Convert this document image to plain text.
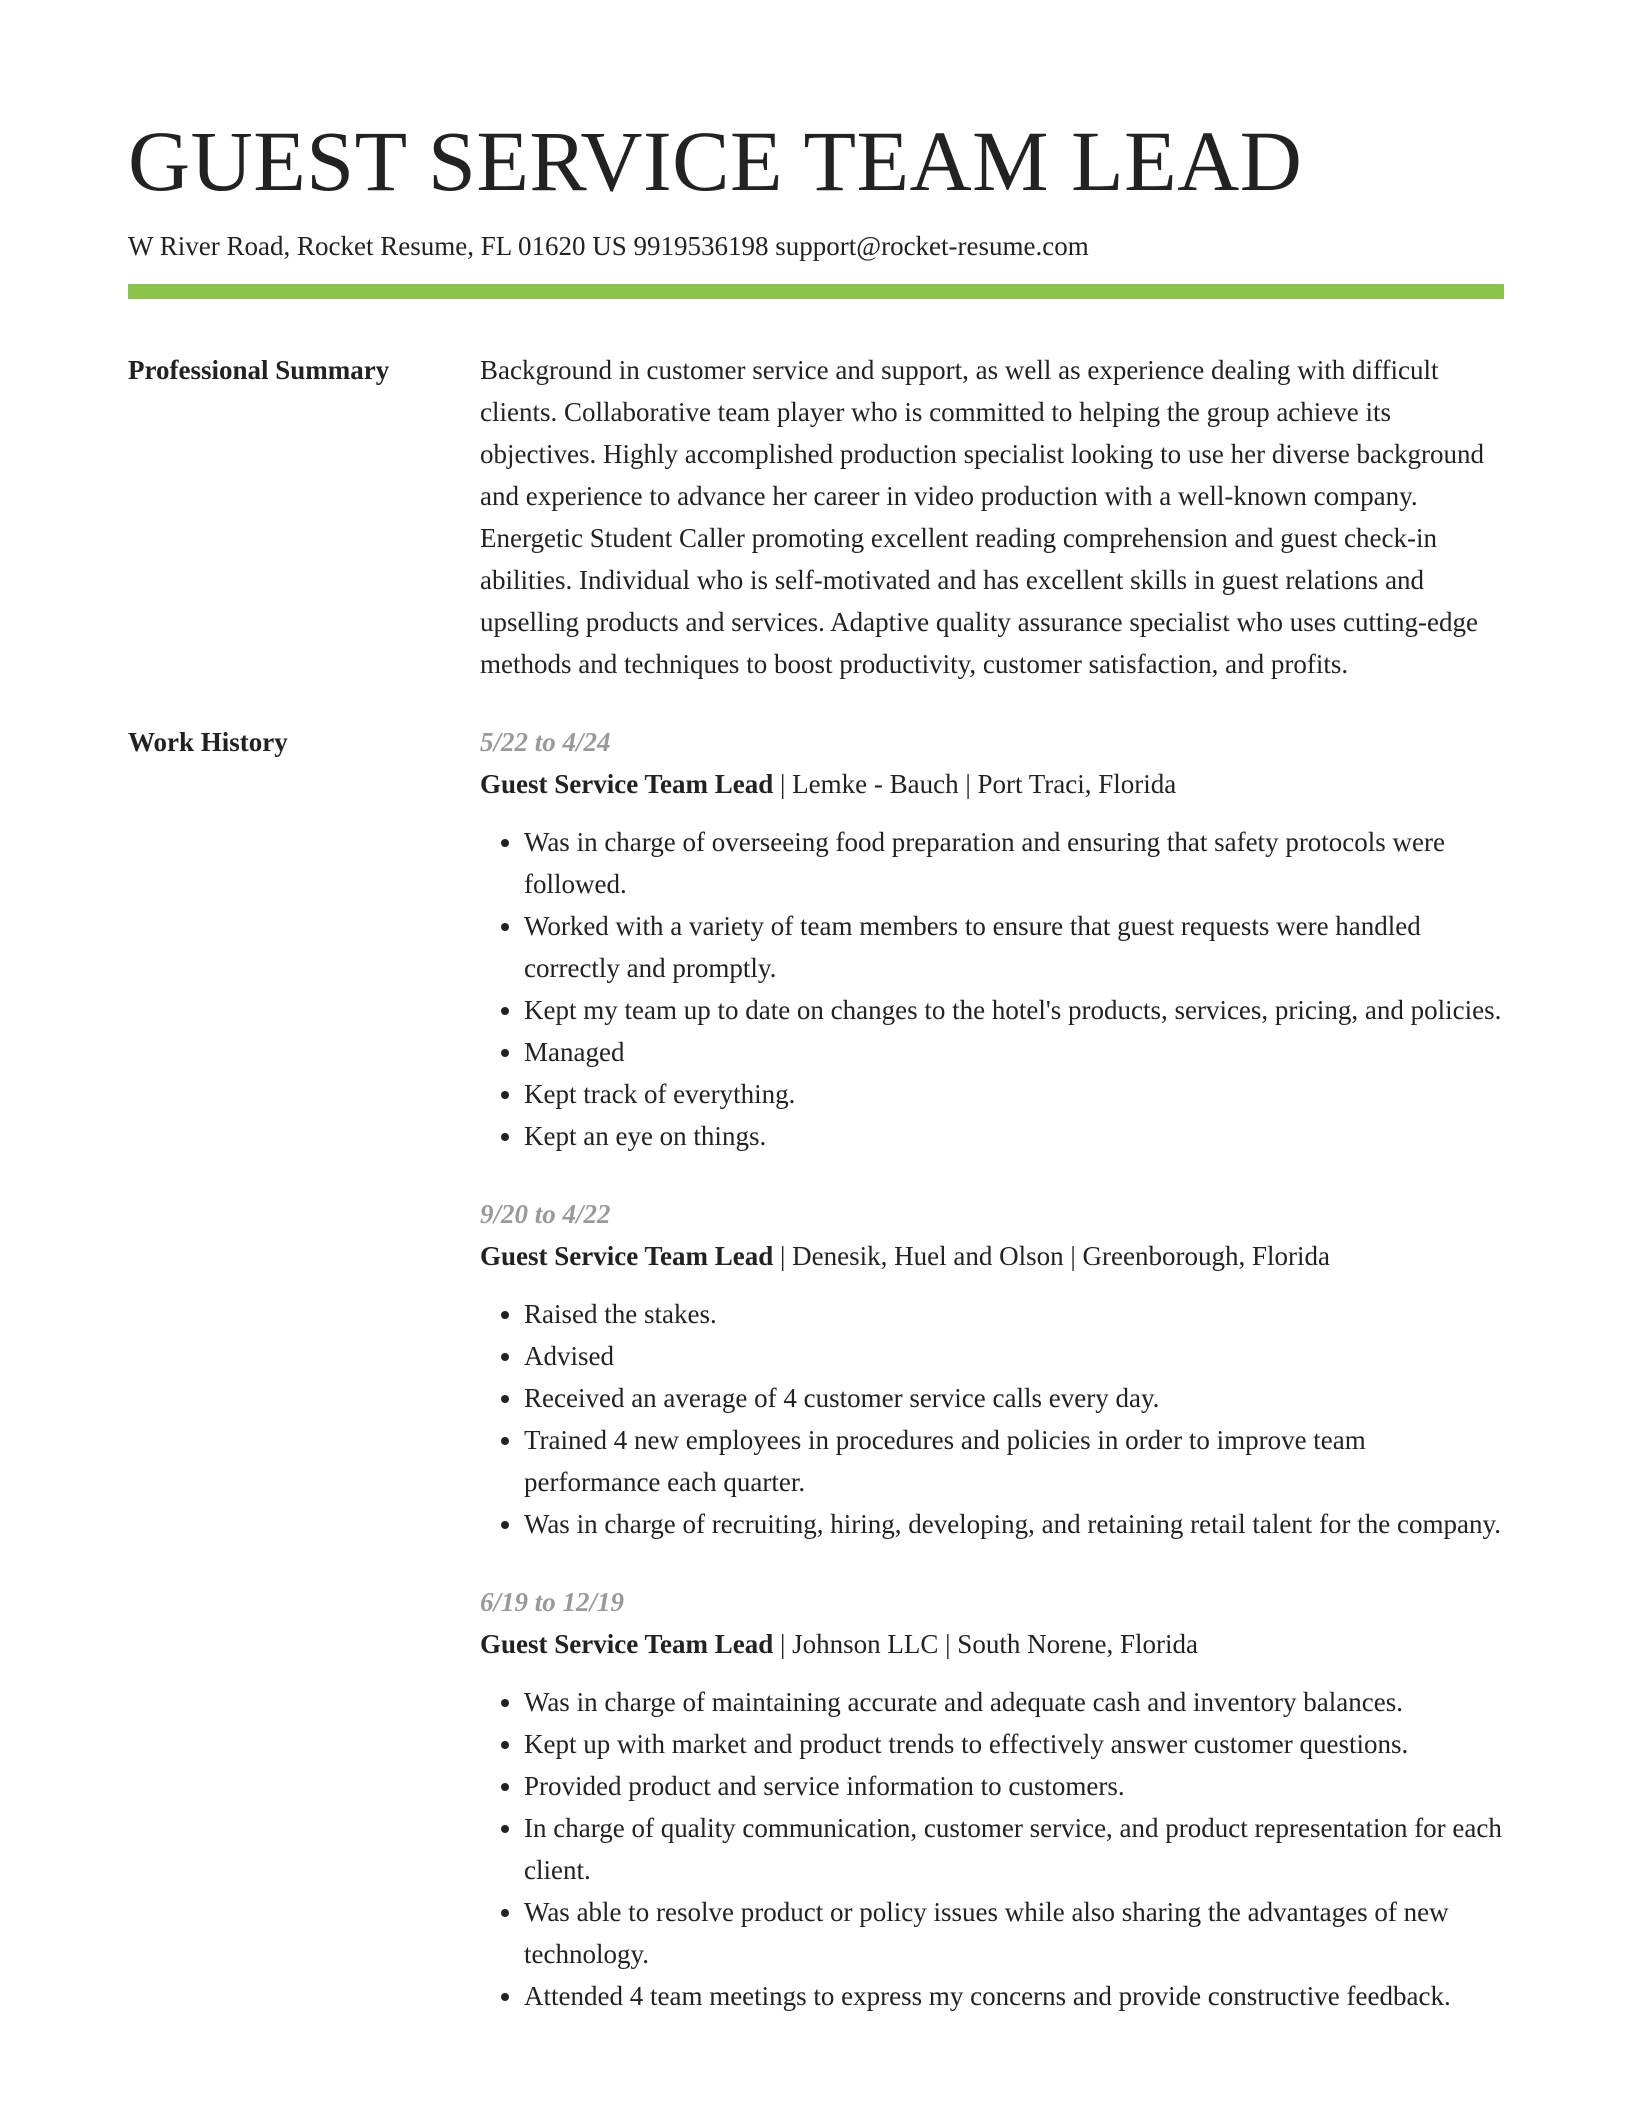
GUEST SERVICE TEAM LEAD
W River Road, Rocket Resume, FL 01620 US 9919536198 support@rocket-resume.com
Professional Summary	Background in customer service and support, as well as experience dealing with difficult clients. Collaborative team player who is committed to helping the group achieve its objectives. Highly accomplished production specialist looking to use her diverse background and experience to advance her career in video production with a well-known company. Energetic Student Caller promoting excellent reading comprehension and guest check-in abilities. Individual who is self-motivated and has excellent skills in guest relations and upselling products and services. Adaptive quality assurance specialist who uses cutting-edge methods and techniques to boost productivity, customer satisfaction, and profits.

Work History	5/22 to 4/24
Guest Service Team Lead | Lemke - Bauch | Port Traci, Florida
• Was in charge of overseeing food preparation and ensuring that safety protocols were followed.
• Worked with a variety of team members to ensure that guest requests were handled correctly and promptly.
• Kept my team up to date on changes to the hotel's products, services, pricing, and policies.
• Managed
• Kept track of everything.
• Kept an eye on things.
9/20 to 4/22
Guest Service Team Lead | Denesik, Huel and Olson | Greenborough, Florida
• Raised the stakes.
• Advised
• Received an average of 4 customer service calls every day.
• Trained 4 new employees in procedures and policies in order to improve team performance each quarter.
• Was in charge of recruiting, hiring, developing, and retaining retail talent for the company.
6/19 to 12/19
Guest Service Team Lead | Johnson LLC | South Norene, Florida
• Was in charge of maintaining accurate and adequate cash and inventory balances.
• Kept up with market and product trends to effectively answer customer questions.
• Provided product and service information to customers.
• In charge of quality communication, customer service, and product representation for each client.
• Was able to resolve product or policy issues while also sharing the advantages of new technology.
• Attended 4 team meetings to express my concerns and provide constructive feedback.
